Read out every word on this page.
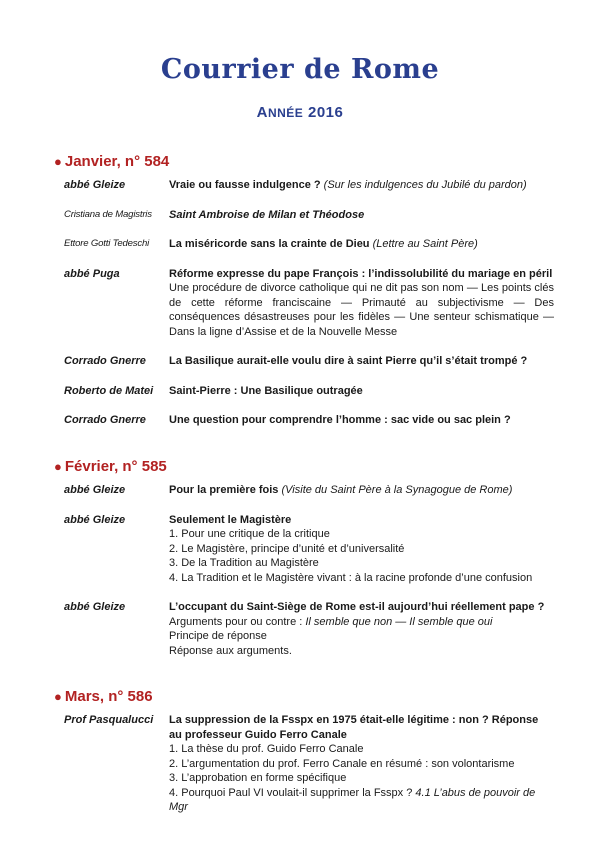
Courrier de Rome
ANNÉE 2016
● Janvier, n° 584
abbé Gleize	Vraie ou fausse indulgence ? (Sur les indulgences du Jubilé du pardon)
Cristiana de Magistris	Saint Ambroise de Milan et Théodose
Ettore Gotti Tedeschi	La miséricorde sans la crainte de Dieu (Lettre au Saint Père)
abbé Puga	Réforme expresse du pape François : l’indissolubilité du mariage en péril
Une procédure de divorce catholique qui ne dit pas son nom — Les points clés de cette réforme franciscaine — Primauté au subjectivisme — Des conséquences désastreuses pour les fidèles — Une senteur schismatique — Dans la ligne d’Assise et de la Nouvelle Messe
Corrado Gnerre	La Basilique aurait-elle voulu dire à saint Pierre qu’il s’était trompé ?
Roberto de Matei	Saint-Pierre : Une Basilique outragée
Corrado Gnerre	Une question pour comprendre l’homme : sac vide ou sac plein ?
● Février, n° 585
abbé Gleize	Pour la première fois (Visite du Saint Père à la Synagogue de Rome)
abbé Gleize	Seulement le Magistère
1. Pour une critique de la critique
2. Le Magistère, principe d’unité et d’universalité
3. De la Tradition au Magistère
4. La Tradition et le Magistère vivant : à la racine profonde d’une confusion
abbé Gleize	L’occupant du Saint-Siège de Rome est-il aujourd’hui réellement pape ?
Arguments pour ou contre : Il semble que non — Il semble que oui
Principe de réponse
Réponse aux arguments.
● Mars, n° 586
Prof Pasqualucci	La suppression de la Fsspx en 1975 était-elle légitime : non ? Réponse au professeur Guido Ferro Canale
1. La thèse du prof. Guido Ferro Canale
2. L’argumentation du prof. Ferro Canale en résumé : son volontarisme
3. L’approbation en forme spécifique
4. Pourquoi Paul VI voulait-il supprimer la Fsspx ? 4.1 L’abus de pouvoir de Mgr
